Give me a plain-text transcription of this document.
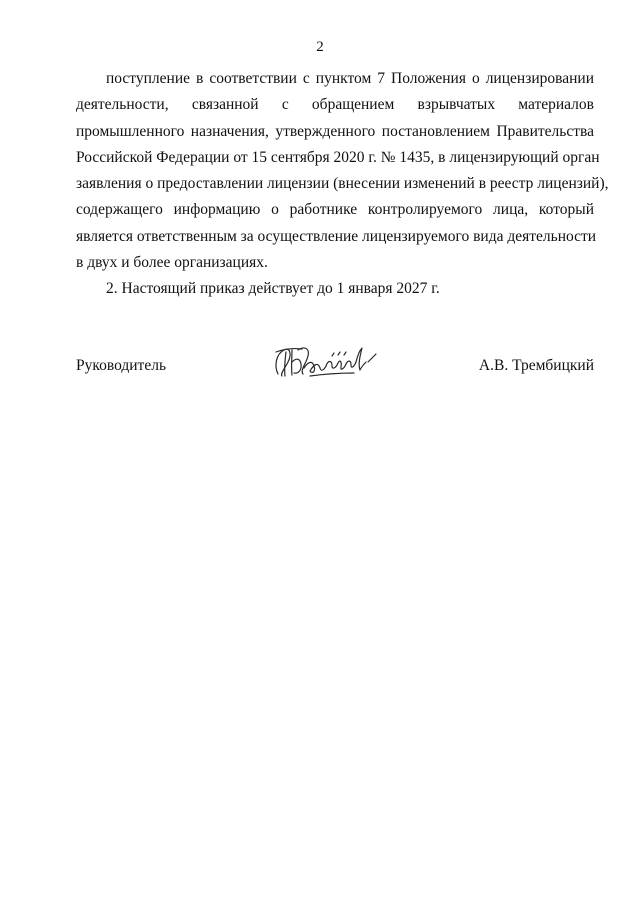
2
поступление в соответствии с пунктом 7 Положения о лицензировании
деятельности, связанной с обращением взрывчатых материалов
промышленного назначения, утвержденного постановлением Правительства
Российской Федерации от 15 сентября 2020 г. № 1435, в лицензирующий орган
заявления о предоставлении лицензии (внесении изменений в реестр лицензий),
содержащего информацию о работнике контролируемого лица, который
является ответственным за осуществление лицензируемого вида деятельности
в двух и более организациях.
2. Настоящий приказ действует до 1 января 2027 г.
Руководитель	А.В. Трембицкий
